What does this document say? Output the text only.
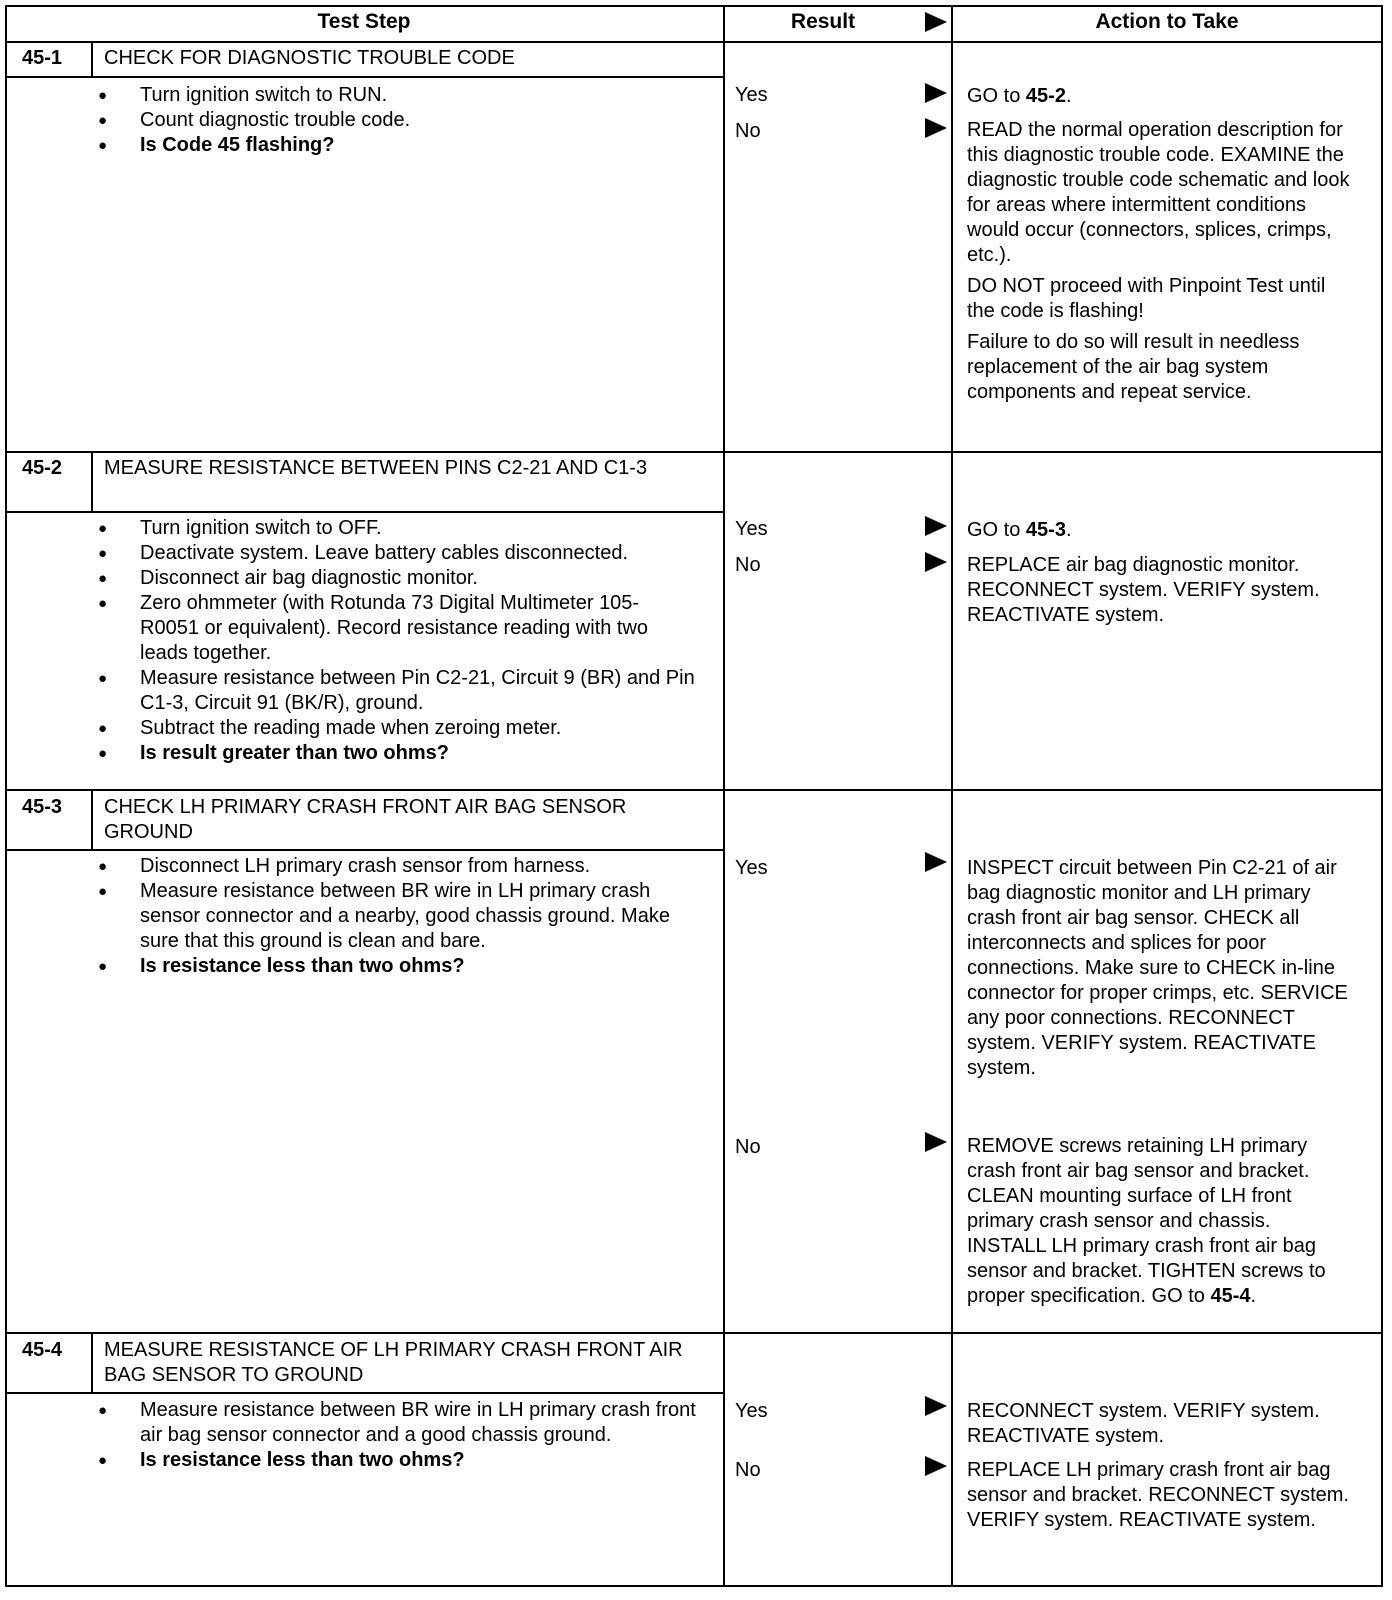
Test Step	Result	Action to Take
45-1 CHECK FOR DIAGNOSTIC TROUBLE CODE
● Turn ignition switch to RUN.
● Count diagnostic trouble code.
● Is Code 45 flashing?
Yes	GO to 45-2.
No	READ the normal operation description for this diagnostic trouble code. EXAMINE the diagnostic trouble code schematic and look for areas where intermittent conditions would occur (connectors, splices, crimps, etc.).

DO NOT proceed with Pinpoint Test until the code is flashing!

Failure to do so will result in needless replacement of the air bag system components and repeat service.

45-2 MEASURE RESISTANCE BETWEEN PINS C2-21 AND C1-3
● Turn ignition switch to OFF.
● Deactivate system. Leave battery cables disconnected.
● Disconnect air bag diagnostic monitor.
● Zero ohmmeter (with Rotunda 73 Digital Multimeter 105-R0051 or equivalent). Record resistance reading with two leads together.
● Measure resistance between Pin C2-21, Circuit 9 (BR) and Pin C1-3, Circuit 91 (BK/R), ground.
● Subtract the reading made when zeroing meter.
● Is result greater than two ohms?
Yes	GO to 45-3.
No	REPLACE air bag diagnostic monitor. RECONNECT system. VERIFY system. REACTIVATE system.

45-3 CHECK LH PRIMARY CRASH FRONT AIR BAG SENSOR GROUND
● Disconnect LH primary crash sensor from harness.
● Measure resistance between BR wire in LH primary crash sensor connector and a nearby, good chassis ground. Make sure that this ground is clean and bare.
● Is resistance less than two ohms?
Yes	INSPECT circuit between Pin C2-21 of air bag diagnostic monitor and LH primary crash front air bag sensor. CHECK all interconnects and splices for poor connections. Make sure to CHECK in-line connector for proper crimps, etc. SERVICE any poor connections. RECONNECT system. VERIFY system. REACTIVATE system.

No	REMOVE screws retaining LH primary crash front air bag sensor and bracket. CLEAN mounting surface of LH front primary crash sensor and chassis. INSTALL LH primary crash front air bag sensor and bracket. TIGHTEN screws to proper specification. GO to 45-4.
45-4 MEASURE RESISTANCE OF LH PRIMARY CRASH FRONT AIR BAG SENSOR TO GROUND
● Measure resistance between BR wire in LH primary crash front air bag sensor connector and a good chassis ground.
● Is resistance less than two ohms?
Yes	RECONNECT system. VERIFY system. REACTIVATE system.

No	REPLACE LH primary crash front air bag sensor and bracket. RECONNECT system. VERIFY system. REACTIVATE system.
